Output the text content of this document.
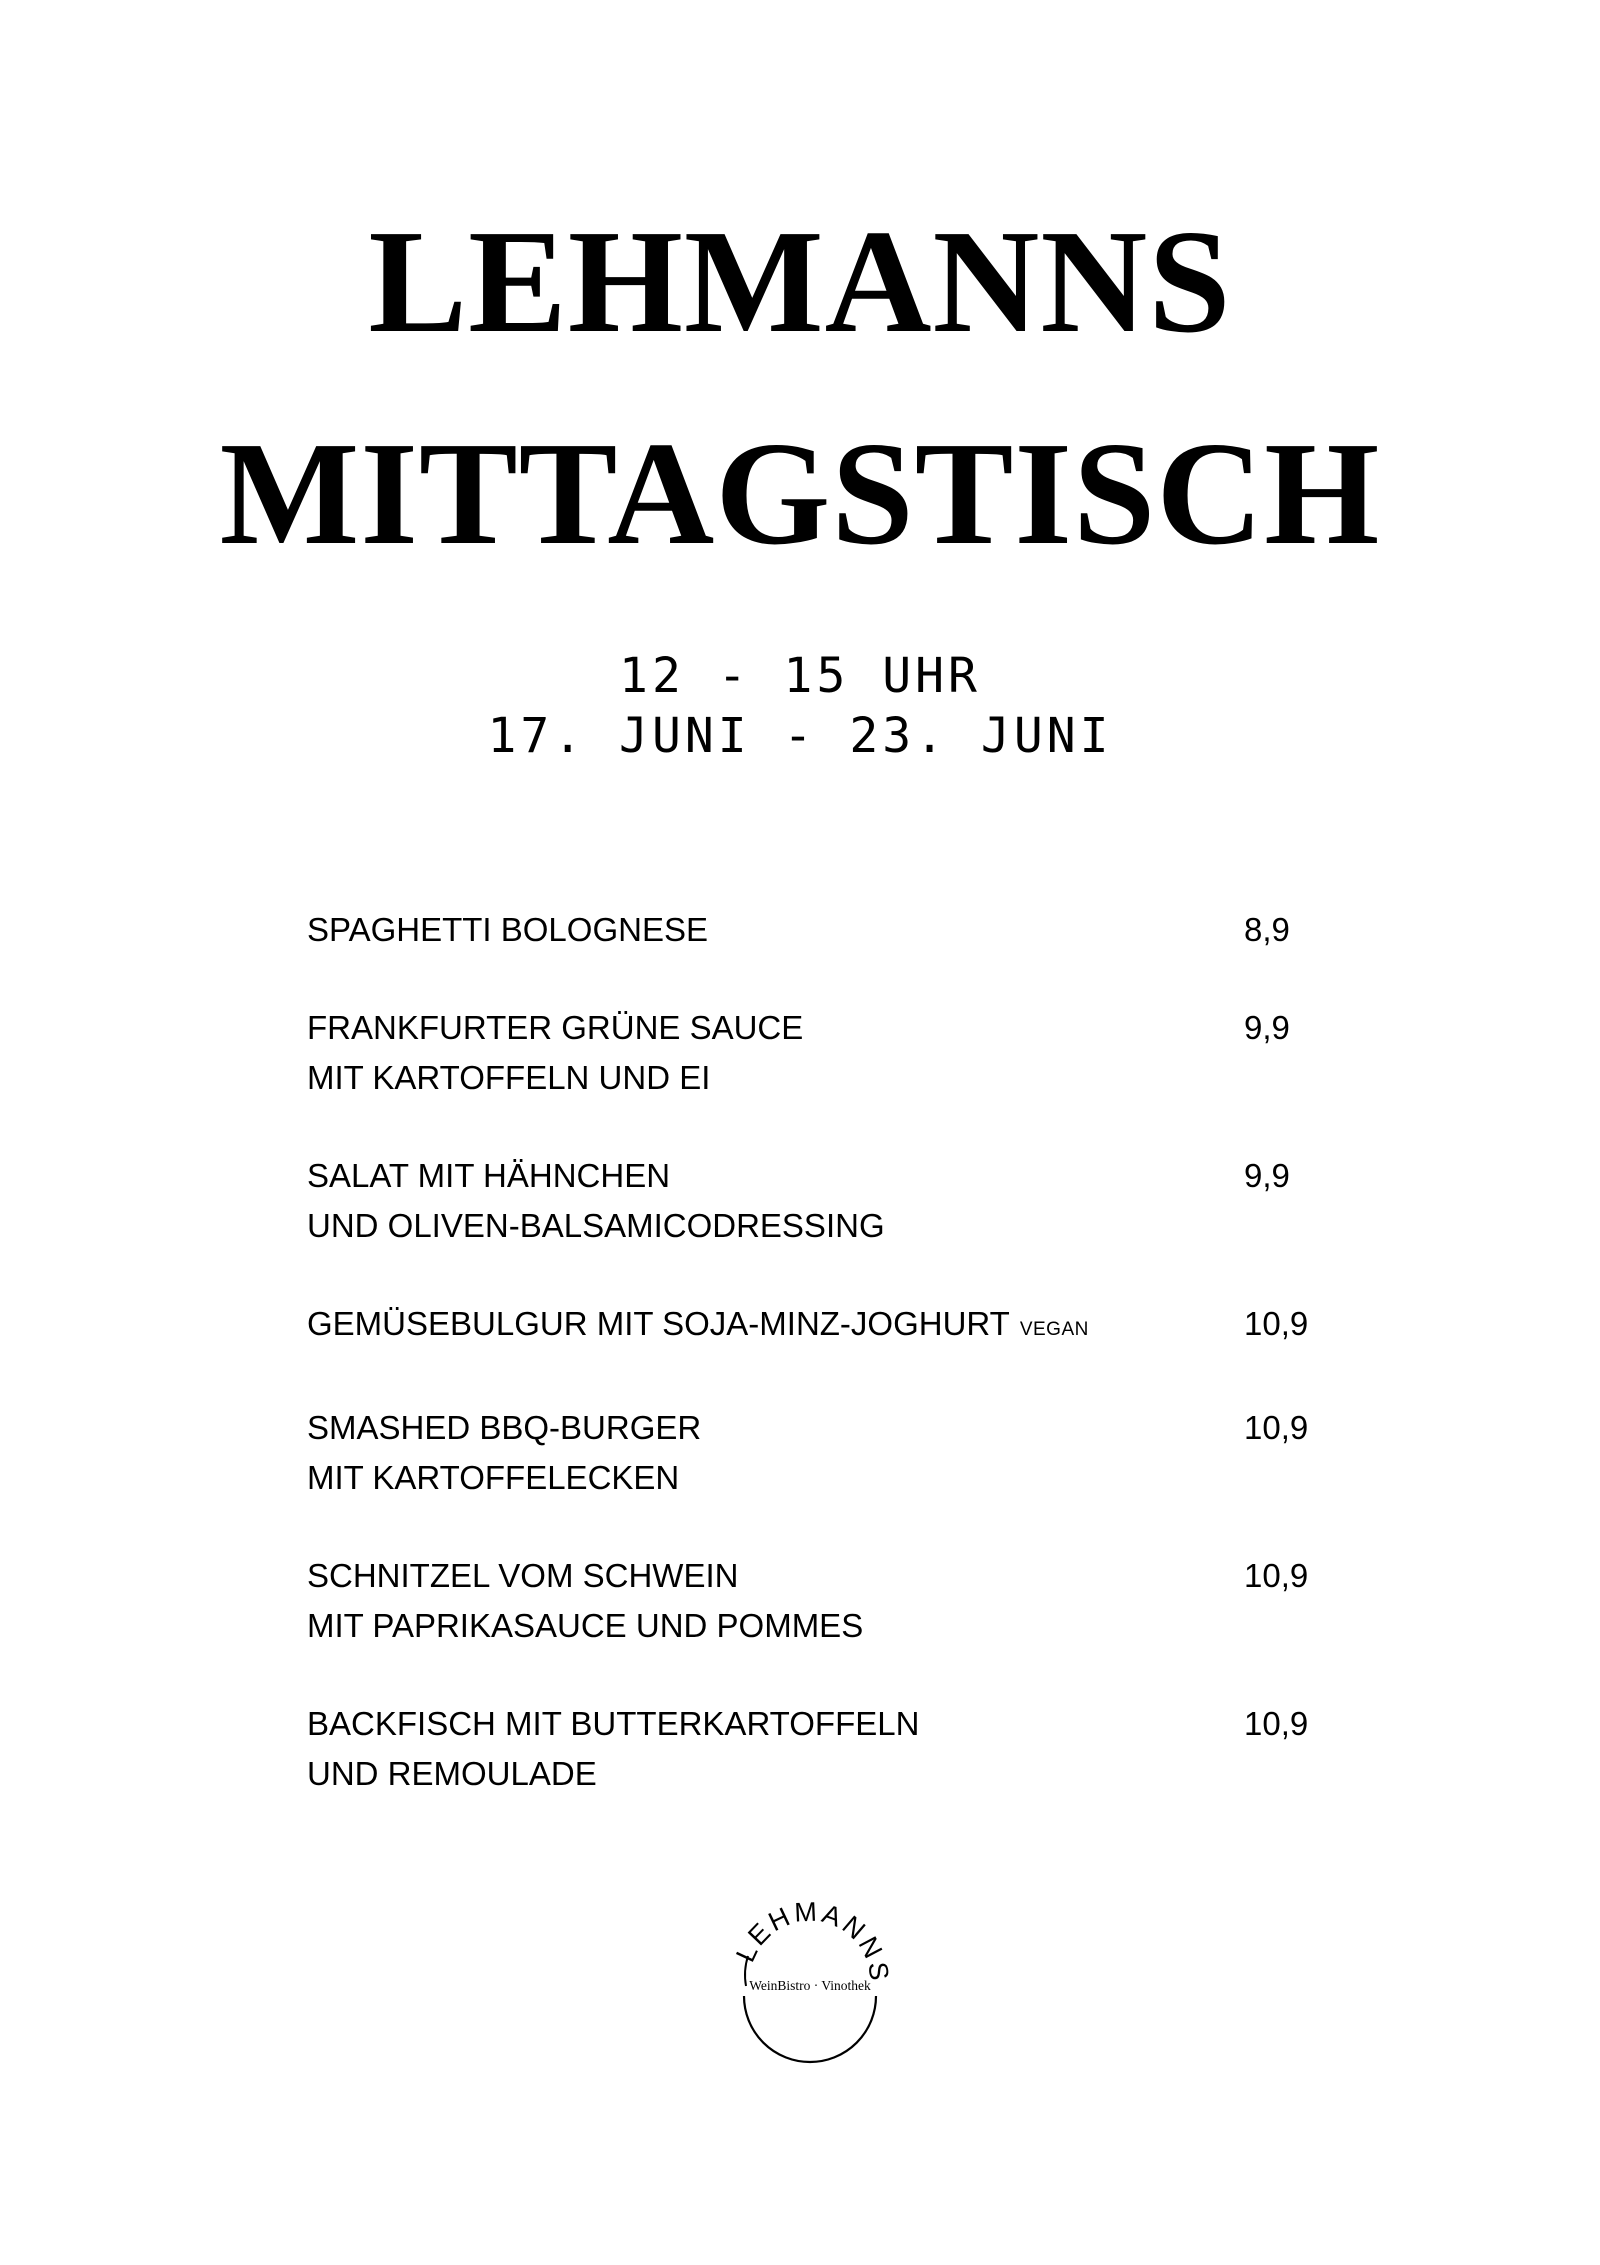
LEHMANNS
MITTAGSTISCH
12 - 15 UHR
17. JUNI - 23. JUNI
SPAGHETTI BOLOGNESE	8,9
FRANKFURTER GRÜNE SAUCE
MIT KARTOFFELN UND EI
9,9
SALAT MIT HÄHNCHEN
UND OLIVEN-BALSAMICODRESSING
9,9
GEMÜSEBULGUR MIT SOJA-MINZ-JOGHURT VEGAN	10,9
SMASHED BBQ-BURGER
MIT KARTOFFELECKEN
10,9
SCHNITZEL VOM SCHWEIN
MIT PAPRIKASAUCE UND POMMES
10,9
BACKFISCH MIT BUTTERKARTOFFELN
UND REMOULADE
10,9
LEHMANNS
WeinBistro · Vinothek
